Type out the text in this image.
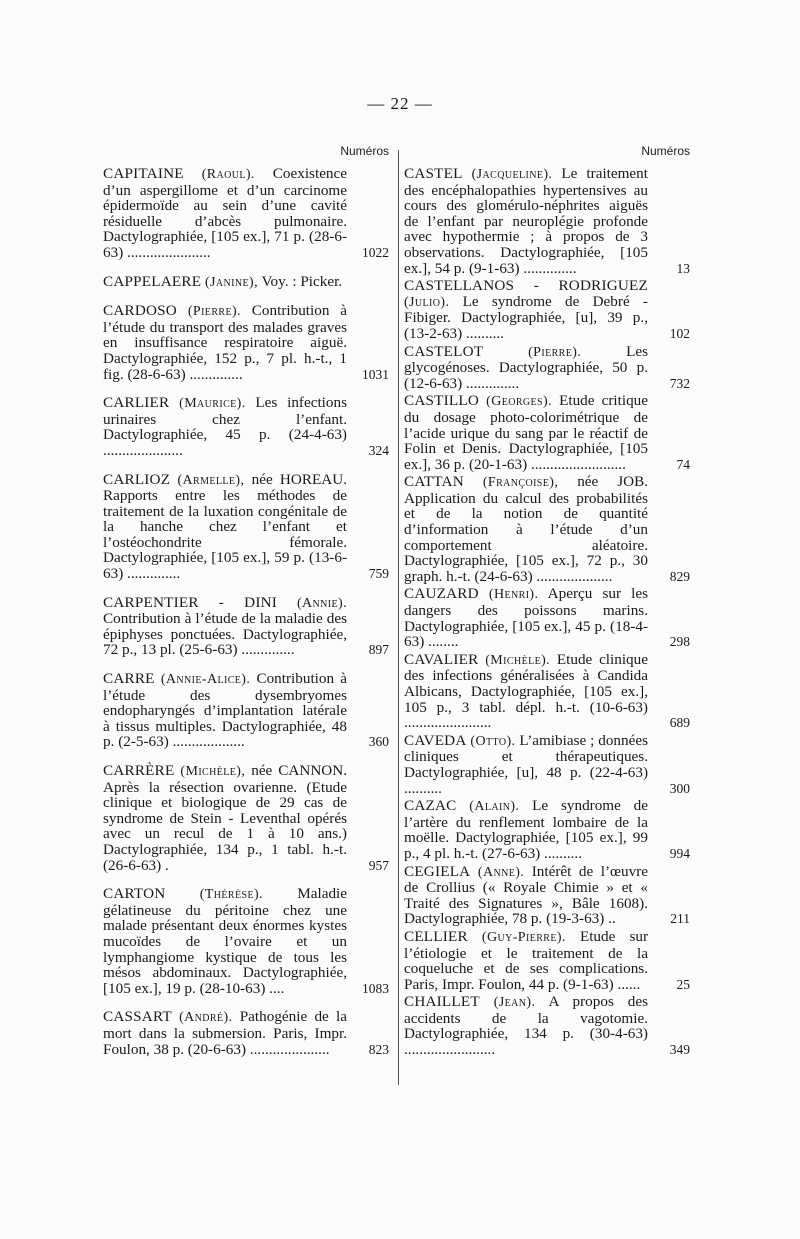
— 22 —
Numéros
CAPITAINE (Raoul). Coexistence d’un aspergillome et d’un carcinome épidermoïde au sein d’une cavité résiduelle d’abcès pulmonaire. Dactylographiée, [105 ex.], 71 p. (28-6-63) ......................	1022
CAPPELAERE (Janine), Voy. : Picker.
CARDOSO (Pierre). Contribution à l’étude du transport des malades graves en insuffisance respiratoire aiguë. Dactylographiée, 152 p., 7 pl. h.-t., 1 fig. (28-6-63) ..............	1031
CARLIER (Maurice). Les infections urinaires chez l’enfant. Dactylographiée, 45 p. (24-4-63) .....................	324
CARLIOZ (Armelle), née HOREAU. Rapports entre les méthodes de traitement de la luxation congénitale de la hanche chez l’enfant et l’ostéochondrite fémorale. Dactylographiée, [105 ex.], 59 p. (13-6-63) ..............	759
CARPENTIER - DINI (Annie). Contribution à l’étude de la maladie des épiphyses ponctuées. Dactylographiée, 72 p., 13 pl. (25-6-63) ..............	897
CARRE (Annie-Alice). Contribution à l’étude des dysembryomes endopharyngés d’implantation latérale à tissus multiples. Dactylographiée, 48 p. (2-5-63) ...................	360
CARRÈRE (Michèle), née CANNON. Après la résection ovarienne. (Etude clinique et biologique de 29 cas de syndrome de Stein - Leventhal opérés avec un recul de 1 à 10 ans.) Dactylographiée, 134 p., 1 tabl. h.-t. (26-6-63) .	957
CARTON (Thérèse). Maladie gélatineuse du péritoine chez une malade présentant deux énormes kystes mucoïdes de l’ovaire et un lymphangiome kystique de tous les mésos abdominaux. Dactylographiée, [105 ex.], 19 p. (28-10-63) ....	1083
CASSART (André). Pathogénie de la mort dans la submersion. Paris, Impr. Foulon, 38 p. (20-6-63) .....................	823
Numéros
CASTEL (Jacqueline). Le traitement des encéphalopathies hypertensives au cours des glomérulo-néphrites aiguës de l’enfant par neuroplégie profonde avec hypothermie ; à propos de 3 observations. Dactylographiée, [105 ex.], 54 p. (9-1-63) ..............	13
CASTELLANOS - RODRIGUEZ (Julio). Le syndrome de Debré - Fibiger. Dactylographiée, [u], 39 p., (13-2-63) ..........	102
CASTELOT	(Pierre).	Les glycogénoses. Dactylographiée, 50 p. (12-6-63) ..............	732
CASTILLO (Georges). Etude critique du dosage photo-colorimétrique de l’acide urique du sang par le réactif de Folin et Denis. Dactylographiée, [105 ex.], 36 p. (20-1-63) .........................	74
CATTAN (Françoise), née JOB. Application du calcul des probabilités et de la notion de quantité d’information à l’étude d’un comportement aléatoire. Dactylographiée, [105 ex.], 72 p., 30 graph. h.-t. (24-6-63) ....................	829
CAUZARD (Henri). Aperçu sur les dangers des poissons marins. Dactylographiée, [105 ex.], 45 p. (18-4-63) ........	298
CAVALIER (Michèle). Etude clinique des infections généralisées à Candida Albicans, Dactylographiée, [105 ex.], 105 p., 3 tabl. dépl. h.-t. (10-6-63) .......................	689
CAVEDA (Otto). L’amibiase ; données cliniques et thérapeutiques. Dactylographiée, [u], 48 p. (22-4-63) ..........	300
CAZAC (Alain). Le syndrome de l’artère du renflement lombaire de la moëlle. Dactylographiée, [105 ex.], 99 p., 4 pl. h.-t. (27-6-63) ..........	994
CEGIELA (Anne). Intérêt de l’œuvre de Crollius (« Royale Chimie » et « Traité des Signatures », Bâle 1608). Dactylographiée, 78 p. (19-3-63) ..	211
CELLIER (Guy-Pierre). Etude sur l’étiologie et le traitement de la coqueluche et de ses complications. Paris, Impr. Foulon, 44 p. (9-1-63) ......	25
CHAILLET (Jean). A propos des accidents de la vagotomie. Dactylographiée, 134 p. (30-4-63) ........................	349
